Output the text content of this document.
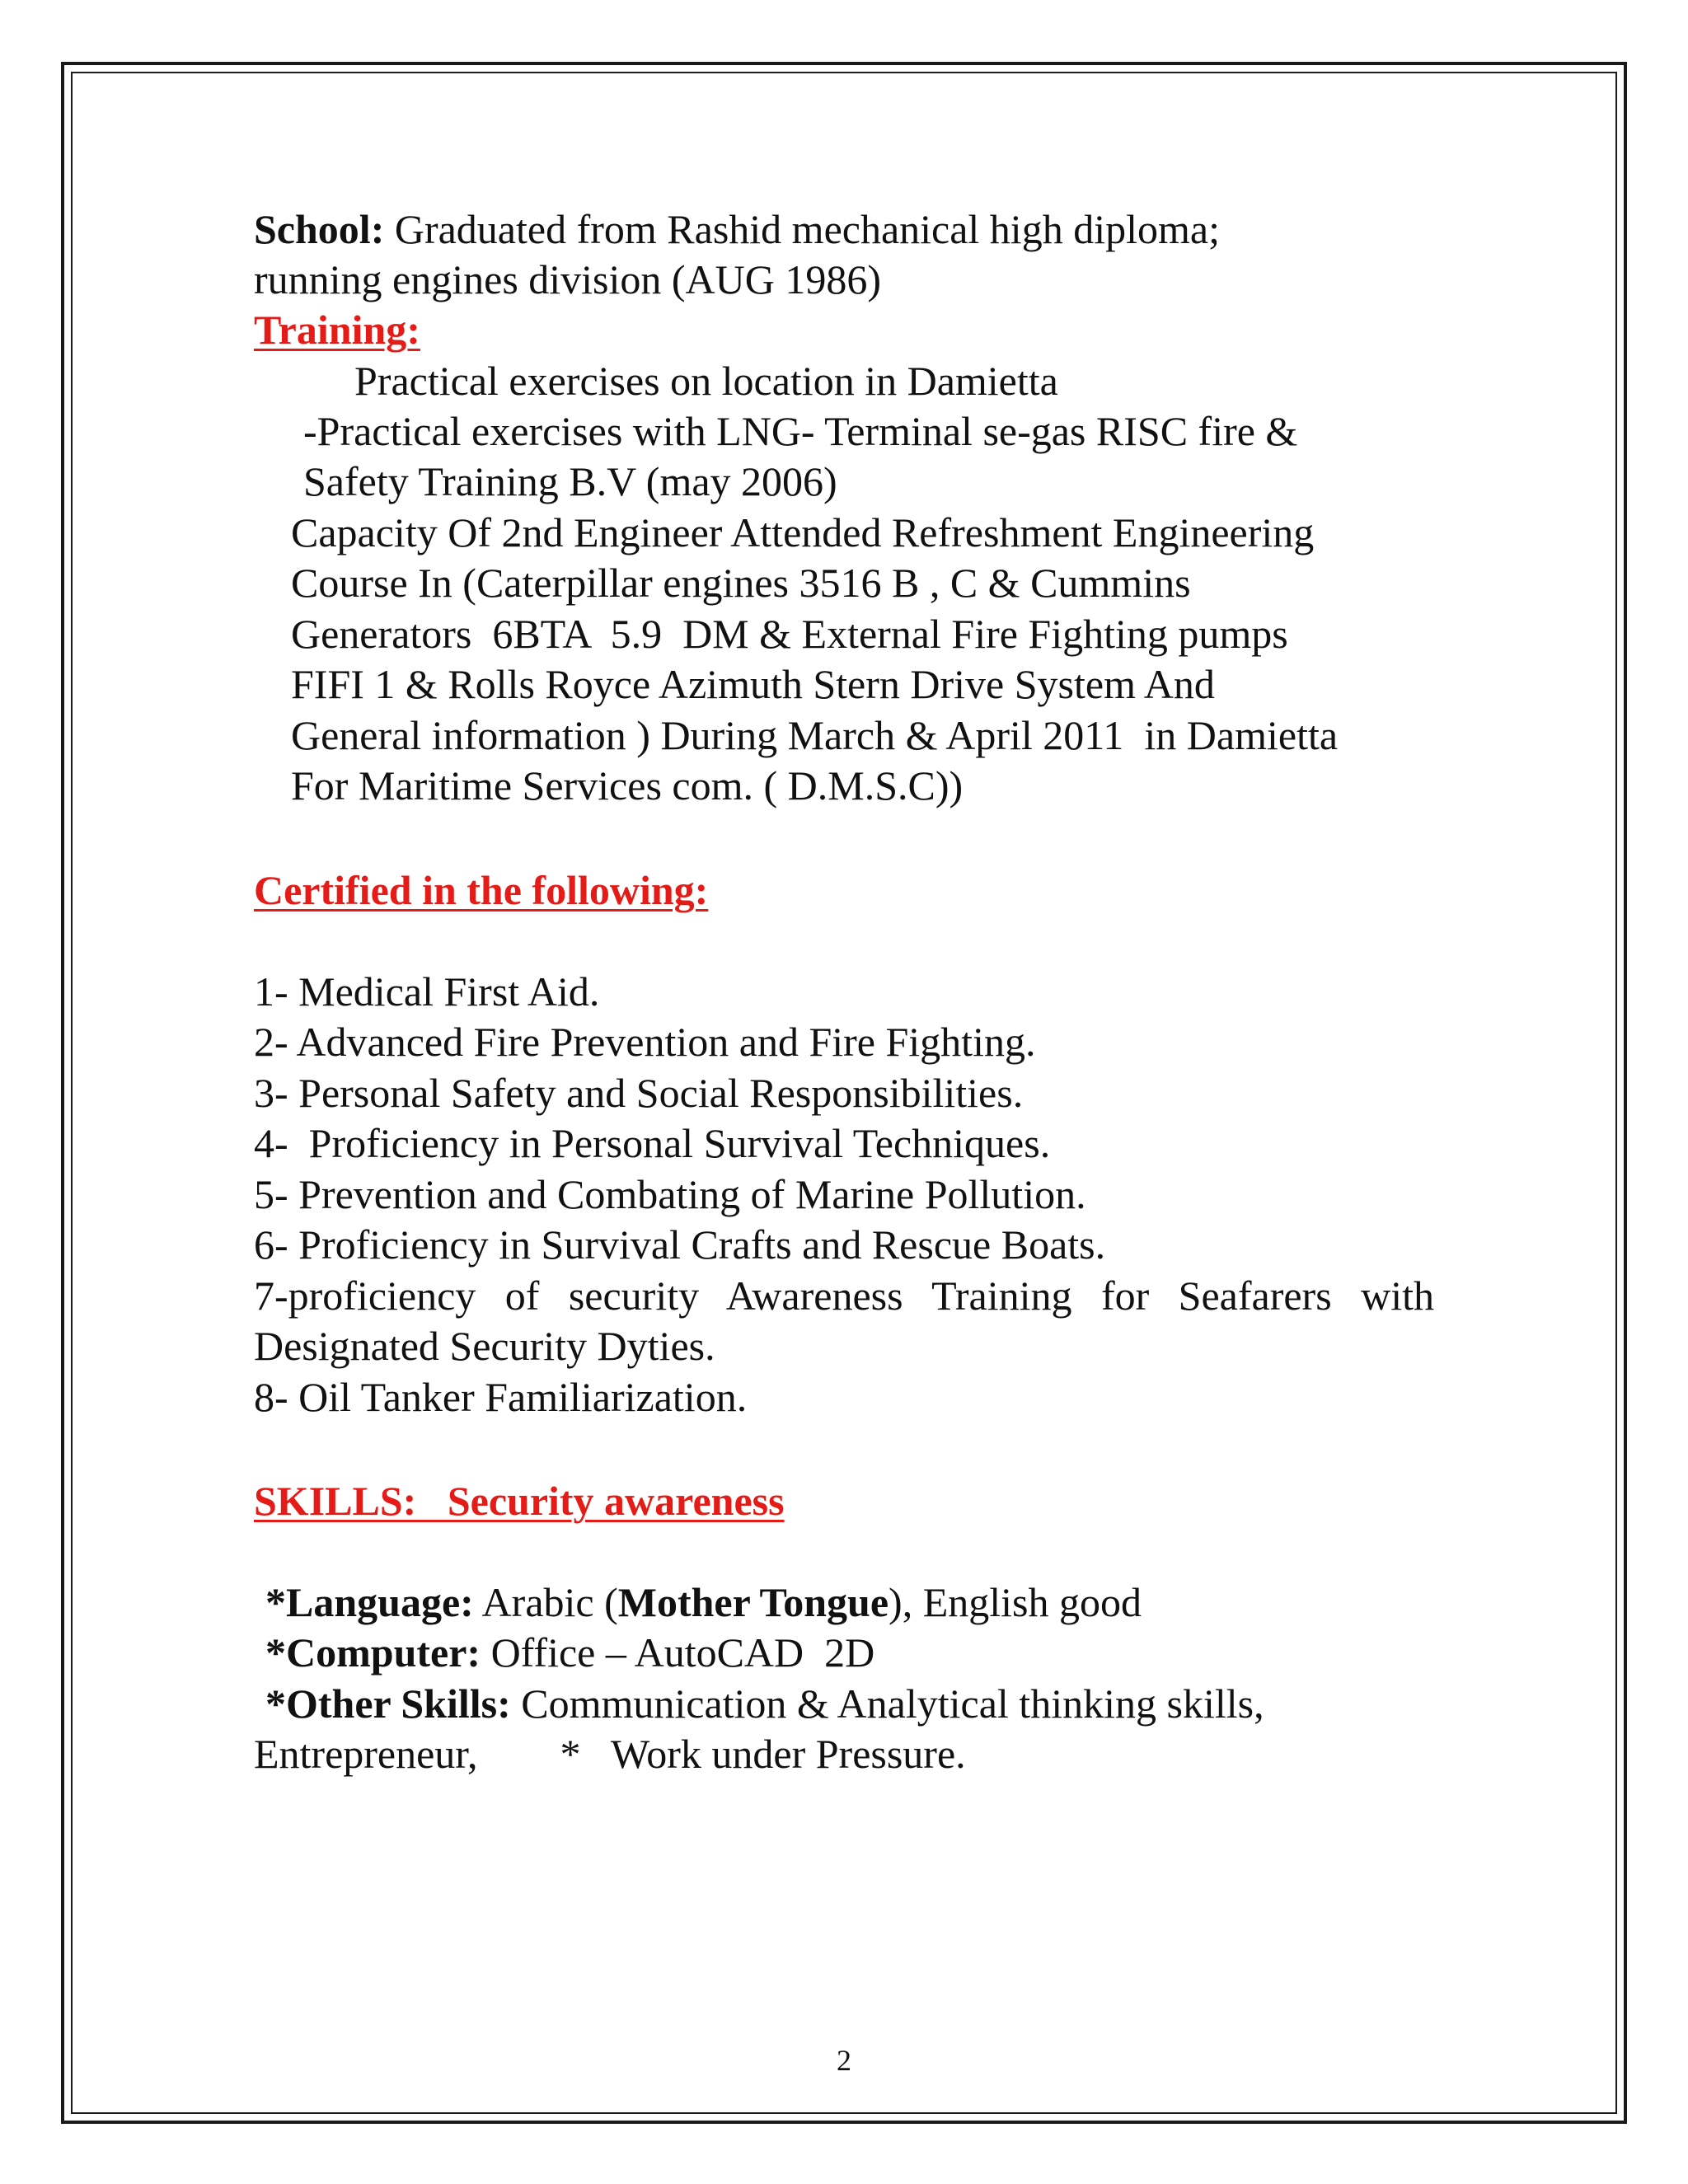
School: Graduated from Rashid mechanical high diploma;
running engines division (AUG 1986)
Training:
Practical exercises on location in Damietta
-Practical exercises with LNG- Terminal se-gas RISC fire &
Safety Training B.V (may 2006)
Capacity Of 2nd Engineer Attended Refreshment Engineering
Course In (Caterpillar engines 3516 B , C & Cummins
Generators  6BTA  5.9  DM & External Fire Fighting pumps
FIFI 1 & Rolls Royce Azimuth Stern Drive System And
General information ) During March & April 2011  in Damietta
For Maritime Services com. ( D.M.S.C))
Certified in the following:
1- Medical First Aid.
2- Advanced Fire Prevention and Fire Fighting.
3- Personal Safety and Social Responsibilities.
4-  Proficiency in Personal Survival Techniques.
5- Prevention and Combating of Marine Pollution.
6- Proficiency in Survival Crafts and Rescue Boats.
7-proficiency of security Awareness Training for Seafarers with
Designated Security Dyties.
8- Oil Tanker Familiarization.
SKILLS:   Security awareness
*Language: Arabic (Mother Tongue), English good
*Computer: Office – AutoCAD  2D
*Other Skills: Communication & Analytical thinking skills,
Entrepreneur,        *   Work under Pressure.
2
